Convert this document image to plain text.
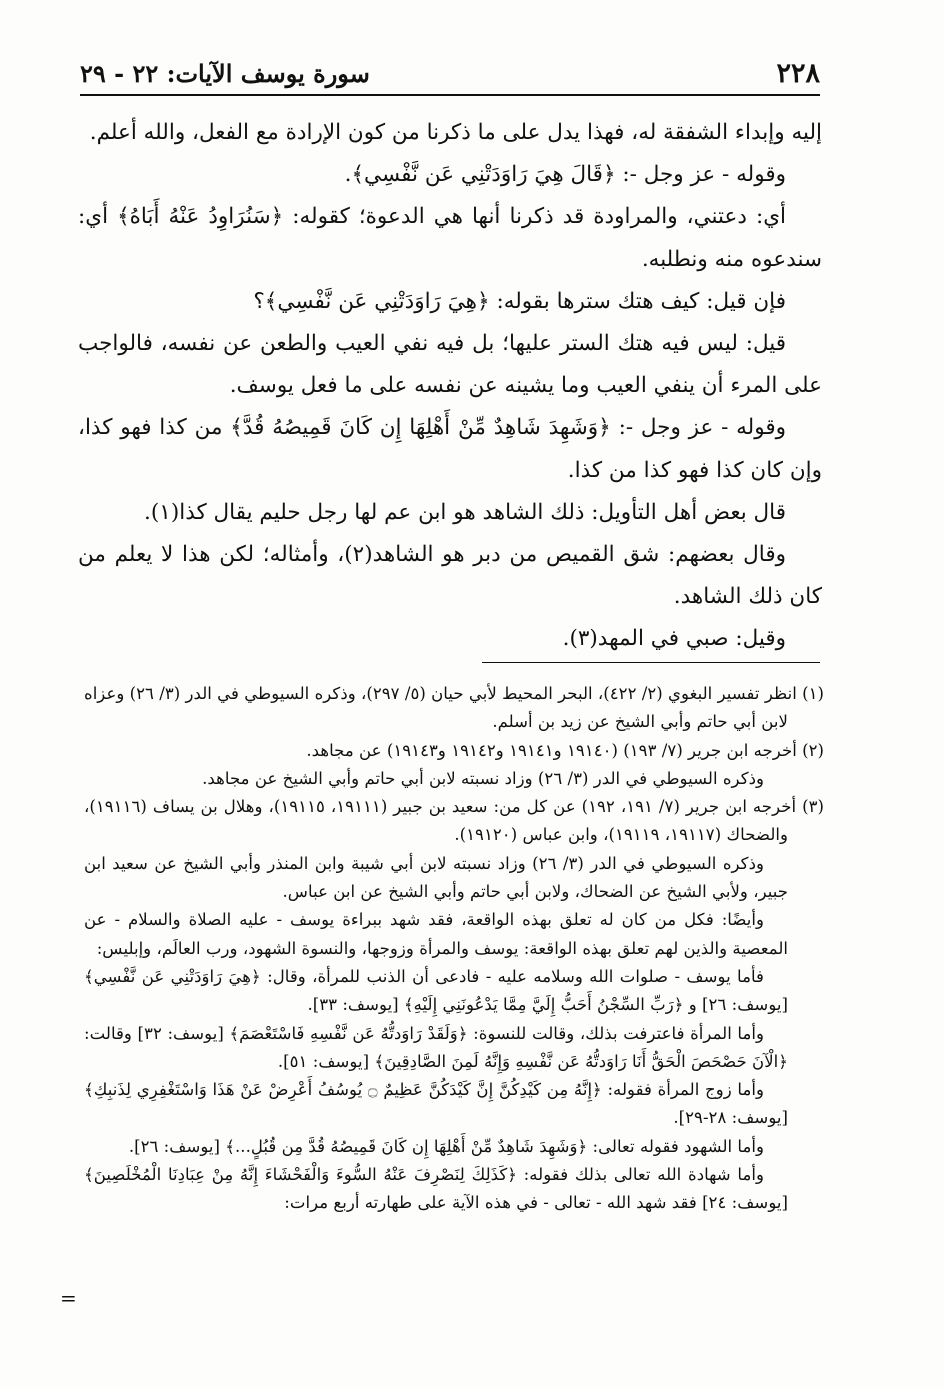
٢٢٨
سورة يوسف الآيات: ٢٢ - ٢٩

إليه وإبداء الشفقة له، فهذا يدل على ما ذكرنا من كون الإرادة مع الفعل، والله أعلم.

وقوله - عز وجل -: ﴿قَالَ هِيَ رَاوَدَتْنِي عَن نَّفْسِي﴾.

أي: دعتني، والمراودة قد ذكرنا أنها هي الدعوة؛ كقوله: ﴿سَنُرَاوِدُ عَنْهُ أَبَاهُ﴾ أي: سندعوه منه ونطلبه.

فإن قيل: كيف هتك سترها بقوله: ﴿هِيَ رَاوَدَتْنِي عَن نَّفْسِي﴾؟

قيل: ليس فيه هتك الستر عليها؛ بل فيه نفي العيب والطعن عن نفسه، فالواجب على المرء أن ينفي العيب وما يشينه عن نفسه على ما فعل يوسف.

وقوله - عز وجل -: ﴿وَشَهِدَ شَاهِدٌ مِّنْ أَهْلِهَا إِن كَانَ قَمِيصُهُ قُدَّ﴾ من كذا فهو كذا، وإن كان كذا فهو كذا من كذا.

قال بعض أهل التأويل: ذلك الشاهد هو ابن عم لها رجل حليم يقال كذا(١).

وقال بعضهم: شق القميص من دبر هو الشاهد(٢)، وأمثاله؛ لكن هذا لا يعلم من كان ذلك الشاهد.

وقيل: صبي في المهد(٣).

(١) انظر تفسير البغوي (٢/ ٤٢٢)، البحر المحيط لأبي حيان (٥/ ٢٩٧)، وذكره السيوطي في الدر (٣/ ٢٦) وعزاه لابن أبي حاتم وأبي الشيخ عن زيد بن أسلم.

(٢) أخرجه ابن جرير (٧/ ١٩٣) (١٩١٤٠ و١٩١٤١ و١٩١٤٢ و١٩١٤٣) عن مجاهد.

وذكره السيوطي في الدر (٣/ ٢٦) وزاد نسبته لابن أبي حاتم وأبي الشيخ عن مجاهد.

(٣) أخرجه ابن جرير (٧/ ١٩١، ١٩٢) عن كل من: سعيد بن جبير (١٩١١١، ١٩١١٥)، وهلال بن يساف (١٩١١٦)، والضحاك (١٩١١٧، ١٩١١٩)، وابن عباس (١٩١٢٠).

وذكره السيوطي في الدر (٣/ ٢٦) وزاد نسبته لابن أبي شيبة وابن المنذر وأبي الشيخ عن سعيد ابن جبير، ولأبي الشيخ عن الضحاك، ولابن أبي حاتم وأبي الشيخ عن ابن عباس.

وأيضًا: فكل من كان له تعلق بهذه الواقعة، فقد شهد ببراءة يوسف - عليه الصلاة والسلام - عن المعصية والذين لهم تعلق بهذه الواقعة: يوسف والمرأة وزوجها، والنسوة الشهود، ورب العالَم، وإبليس:

فأما يوسف - صلوات الله وسلامه عليه - فادعى أن الذنب للمرأة، وقال: ﴿هِيَ رَاوَدَتْنِي عَن نَّفْسِي﴾ [يوسف: ٢٦] و ﴿رَبِّ السِّجْنُ أَحَبُّ إِلَيَّ مِمَّا يَدْعُونَنِي إِلَيْهِ﴾ [يوسف: ٣٣].

وأما المرأة فاعترفت بذلك، وقالت للنسوة: ﴿وَلَقَدْ رَاوَدتُّهُ عَن نَّفْسِهِ فَاسْتَعْصَمَ﴾ [يوسف: ٣٢] وقالت: ﴿الْآنَ حَصْحَصَ الْحَقُّ أَنَا رَاوَدتُّهُ عَن نَّفْسِهِ وَإِنَّهُ لَمِنَ الصَّادِقِينَ﴾ [يوسف: ٥١].

وأما زوج المرأة فقوله: ﴿إِنَّهُ مِن كَيْدِكُنَّ إِنَّ كَيْدَكُنَّ عَظِيمٌ ۝ يُوسُفُ أَعْرِضْ عَنْ هَذَا وَاسْتَغْفِرِي لِذَنبِكِ﴾ [يوسف: ٢٨-٢٩].

وأما الشهود فقوله تعالى: ﴿وَشَهِدَ شَاهِدٌ مِّنْ أَهْلِهَا إِن كَانَ قَمِيصُهُ قُدَّ مِن قُبُلٍ...﴾ [يوسف: ٢٦].

وأما شهادة الله تعالى بذلك فقوله: ﴿كَذَلِكَ لِنَصْرِفَ عَنْهُ السُّوءَ وَالْفَحْشَاءَ إِنَّهُ مِنْ عِبَادِنَا الْمُخْلَصِينَ﴾ [يوسف: ٢٤] فقد شهد الله - تعالى - في هذه الآية على طهارته أربع مرات:

=
